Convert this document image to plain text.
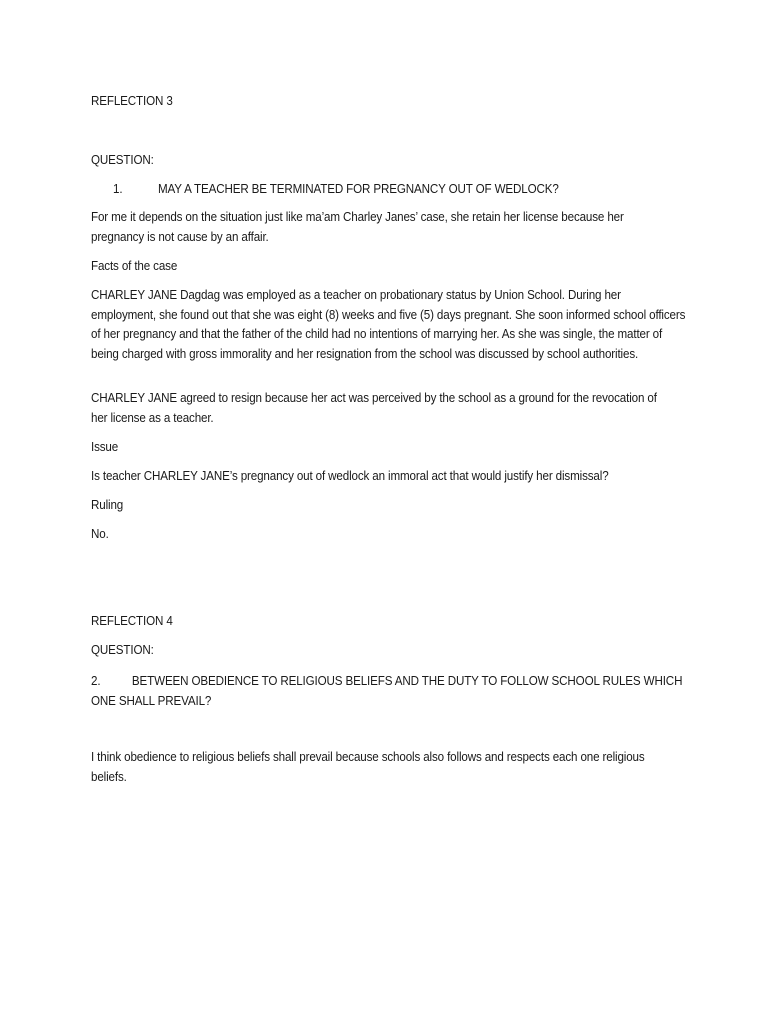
REFLECTION 3
QUESTION:
1.	MAY A TEACHER BE TERMINATED FOR PREGNANCY OUT OF WEDLOCK?
For me it depends on the situation just like ma’am Charley Janes’ case, she retain her license because her pregnancy is not cause by an affair.
Facts of the case
CHARLEY JANE Dagdag was employed as a teacher on probationary status by Union School. During her employment, she found out that she was eight (8) weeks and five (5) days pregnant. She soon informed school officers of her pregnancy and that the father of the child had no intentions of marrying her. As she was single, the matter of being charged with gross immorality and her resignation from the school was discussed by school authorities.
CHARLEY JANE agreed to resign because her act was perceived by the school as a ground for the revocation of her license as a teacher.
Issue
Is teacher CHARLEY JANE’s pregnancy out of wedlock an immoral act that would justify her dismissal?
Ruling
No.
REFLECTION 4
QUESTION:
2.	BETWEEN OBEDIENCE TO RELIGIOUS BELIEFS AND THE DUTY TO FOLLOW SCHOOL RULES WHICH ONE SHALL PREVAIL?
I think obedience to religious beliefs shall prevail because schools also follows and respects each one religious beliefs.
